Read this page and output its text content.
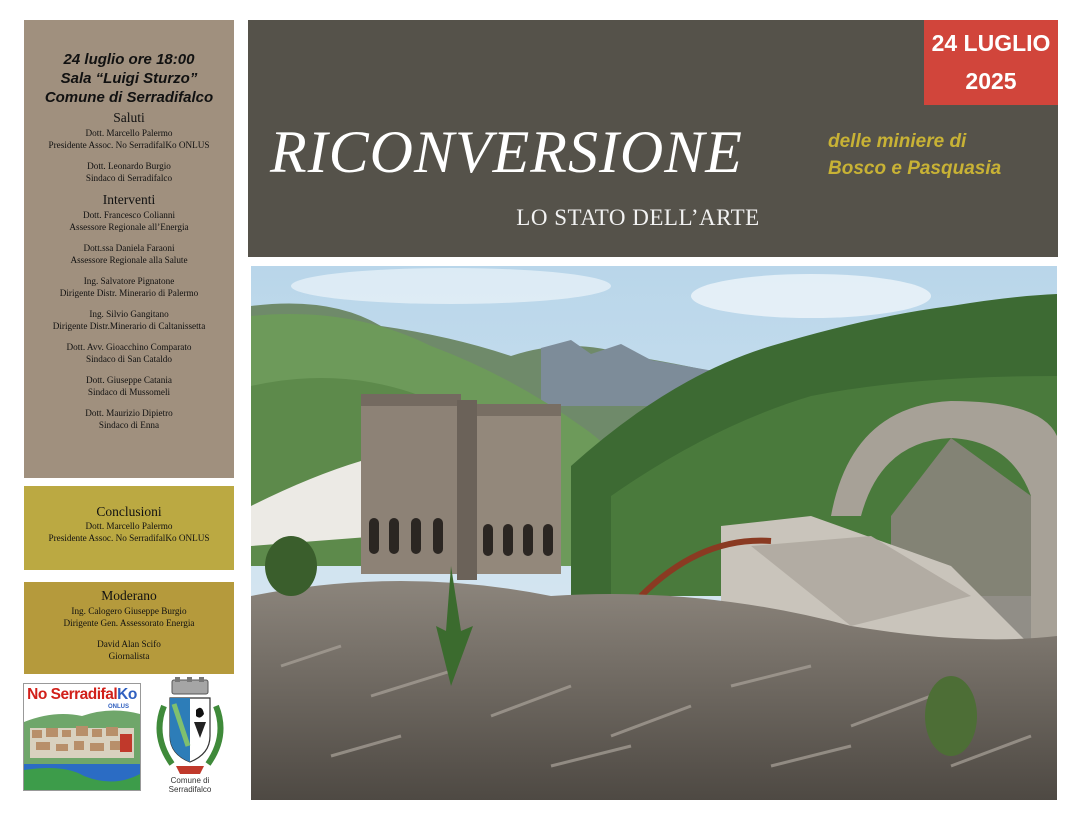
24 luglio ore 18:00
Sala “Luigi Sturzo”
Comune di Serradifalco
Saluti
Dott. Marcello Palermo
Presidente Assoc. No SerradifalKo ONLUS
Dott. Leonardo Burgio
Sindaco di Serradifalco
Interventi
Dott. Francesco Colianni
Assessore Regionale all’Energia
Dott.ssa Daniela Faraoni
Assessore Regionale alla Salute
Ing. Salvatore Pignatone
Dirigente Distr. Minerario di Palermo
Ing. Silvio Gangitano
Dirigente Distr.Minerario di Caltanissetta
Dott. Avv. Gioacchino Comparato
Sindaco di San Cataldo
Dott. Giuseppe Catania
Sindaco di Mussomeli
Dott. Maurizio Dipietro
Sindaco di Enna
Conclusioni
Dott. Marcello Palermo
Presidente Assoc. No SerradifalKo ONLUS
Moderano
Ing. Calogero Giuseppe Burgio
Dirigente Gen. Assessorato Energia
David Alan Scifo
Giornalista
No SerradifalKo
ONLUS
Comune di Serradifalco
24 LUGLIO
2025
RICONVERSIONE	delle miniere di
Bosco e Pasquasia
LO STATO DELL’ARTE
